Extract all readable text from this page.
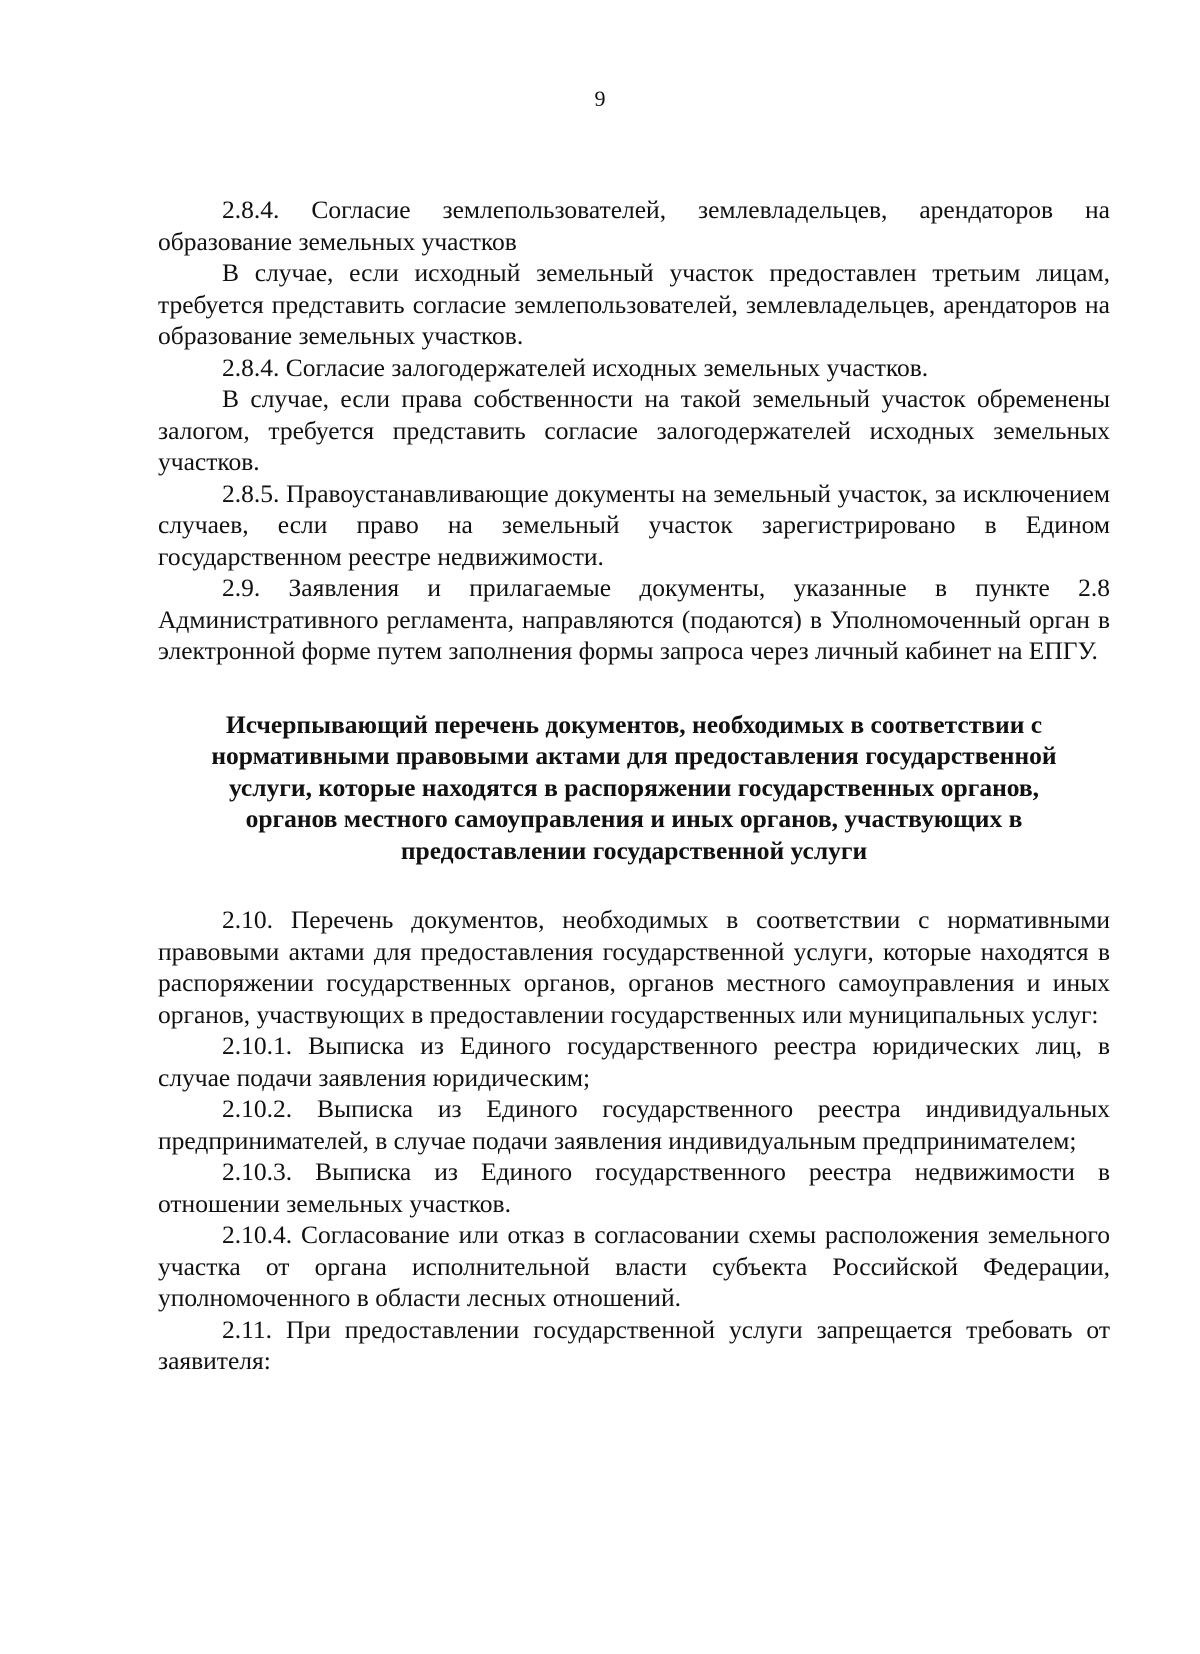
9

2.8.4. Согласие землепользователей, землевладельцев, арендаторов на образование земельных участков

В случае, если исходный земельный участок предоставлен третьим лицам, требуется представить согласие землепользователей, землевладельцев, арендаторов на образование земельных участков.

2.8.4. Согласие залогодержателей исходных земельных участков.

В случае, если права собственности на такой земельный участок обременены залогом, требуется представить согласие залогодержателей исходных земельных участков.

2.8.5. Правоустанавливающие документы на земельный участок, за исключением случаев, если право на земельный участок зарегистрировано в Едином государственном реестре недвижимости.

2.9. Заявления и прилагаемые документы, указанные в пункте 2.8 Административного регламента, направляются (подаются) в Уполномоченный орган в электронной форме путем заполнения формы запроса через личный кабинет на ЕПГУ.

Исчерпывающий перечень документов, необходимых в соответствии с нормативными правовыми актами для предоставления государственной услуги, которые находятся в распоряжении государственных органов, органов местного самоуправления и иных органов, участвующих в предоставлении государственной услуги

2.10. Перечень документов, необходимых в соответствии с нормативными правовыми актами для предоставления государственной услуги, которые находятся в распоряжении государственных органов, органов местного самоуправления и иных органов, участвующих в предоставлении государственных или муниципальных услуг:

2.10.1. Выписка из Единого государственного реестра юридических лиц, в случае подачи заявления юридическим;

2.10.2. Выписка из Единого государственного реестра индивидуальных предпринимателей, в случае подачи заявления индивидуальным предпринимателем;

2.10.3. Выписка из Единого государственного реестра недвижимости в отношении земельных участков.

2.10.4. Согласование или отказ в согласовании схемы расположения земельного участка от органа исполнительной власти субъекта Российской Федерации, уполномоченного в области лесных отношений.

2.11. При предоставлении государственной услуги запрещается требовать от заявителя:
